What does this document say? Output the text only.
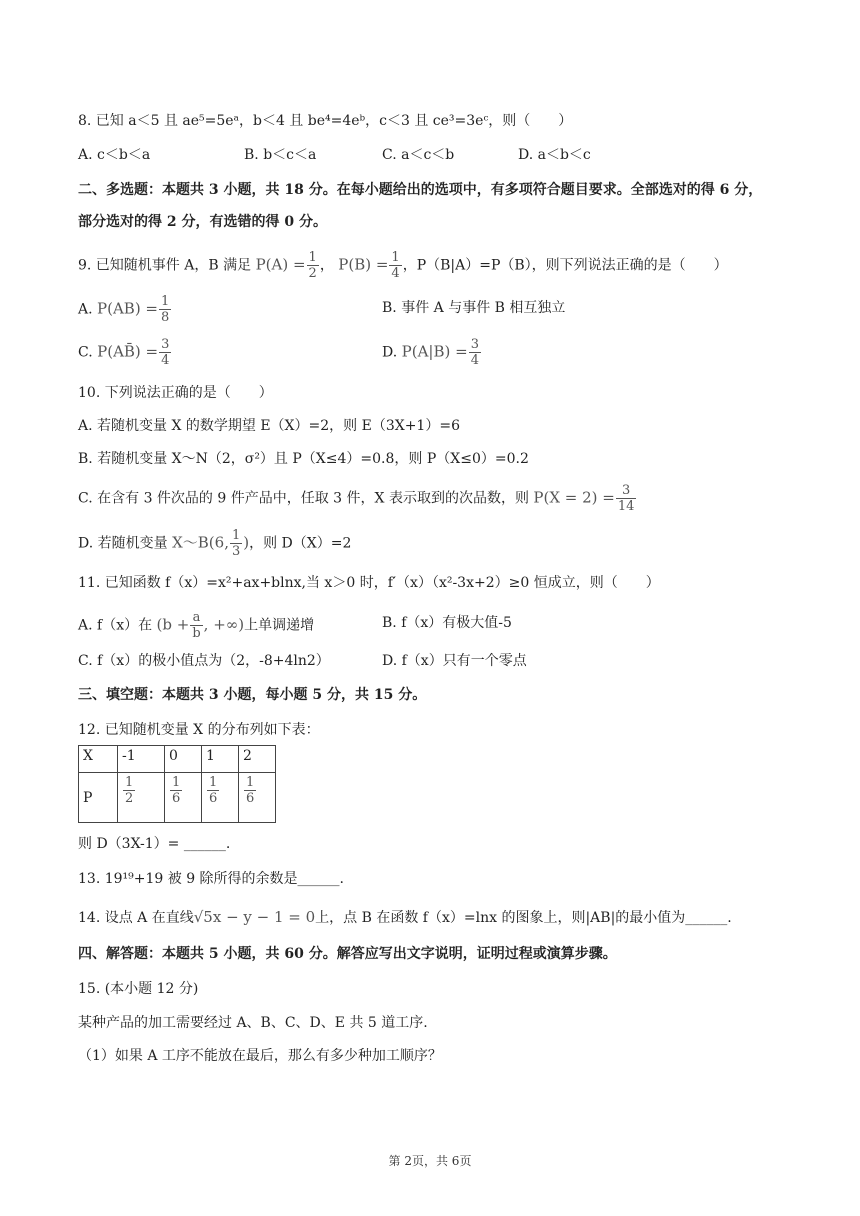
8. 已知 a＜5 且 ae⁵=5eᵃ，b＜4 且 be⁴=4eᵇ，c＜3 且 ce³=3eᶜ，则（　　）
A. c＜b＜a	B. b＜c＜a	C. a＜c＜b	D. a＜b＜c
二、多选题：本题共 3 小题，共 18 分。在每小题给出的选项中，有多项符合题目要求。全部选对的得 6 分，
部分选对的得 2 分，有选错的得 0 分。
9. 已知随机事件 A，B 满足 $P(A) = \frac{1}{2}$ ， $P(B) = \frac{1}{4}$ ，P（B|A）=P（B），则下列说法正确的是（　　）
A. $P(AB) = \frac{1}{8}$	B. 事件 A 与事件 B 相互独立
C. P(AB̄) = $\frac{3}{4}$	D. $P(A|B) = \frac{3}{4}$
10. 下列说法正确的是（　　）
A. 若随机变量 X 的数学期望 E（X）=2，则 E（3X+1）=6
B. 若随机变量 X～N（2，σ²）且 P（X≤4）=0.8，则 P（X≤0）=0.2
C. 在含有 3 件次品的 9 件产品中，任取 3 件，X 表示取到的次品数，则 $P(X = 2) = \frac{3}{14}$
D. 若随机变量 X～B(6, $\frac{1}{3}$ )，则 D（X）=2
11. 已知函数 f（x）=x²+ax+blnx,当 x＞0 时，f′（x）（x²-3x+2）≥0 恒成立，则（　　）
A. f（x）在 ($b + \frac{a}{b}$ , +∞)上单调递增	B. f（x）有极大值-5
C. f（x）的极小值点为（2，-8+4ln2）	D. f（x）只有一个零点
三、填空题：本题共 3 小题，每小题 5 分，共 15 分。
12. 已知随机变量 X 的分布列如下表：
X	-1	0	1	2
P	$\frac{1}{2}$	$\frac{1}{6}$	$\frac{1}{6}$	$\frac{1}{6}$
则 D（3X-1）= ______.
13. 19¹⁹+19 被 9 除所得的余数是______.
14. 设点 A 在直线√5x − y − 1 = 0上，点 B 在函数 f（x）=lnx 的图象上，则|AB|的最小值为______.
四、解答题：本题共 5 小题，共 60 分。解答应写出文字说明，证明过程或演算步骤。
15. (本小题 12 分)
某种产品的加工需要经过 A、B、C、D、E 共 5 道工序.
（1）如果 A 工序不能放在最后，那么有多少种加工顺序？
第 2页，共 6页
